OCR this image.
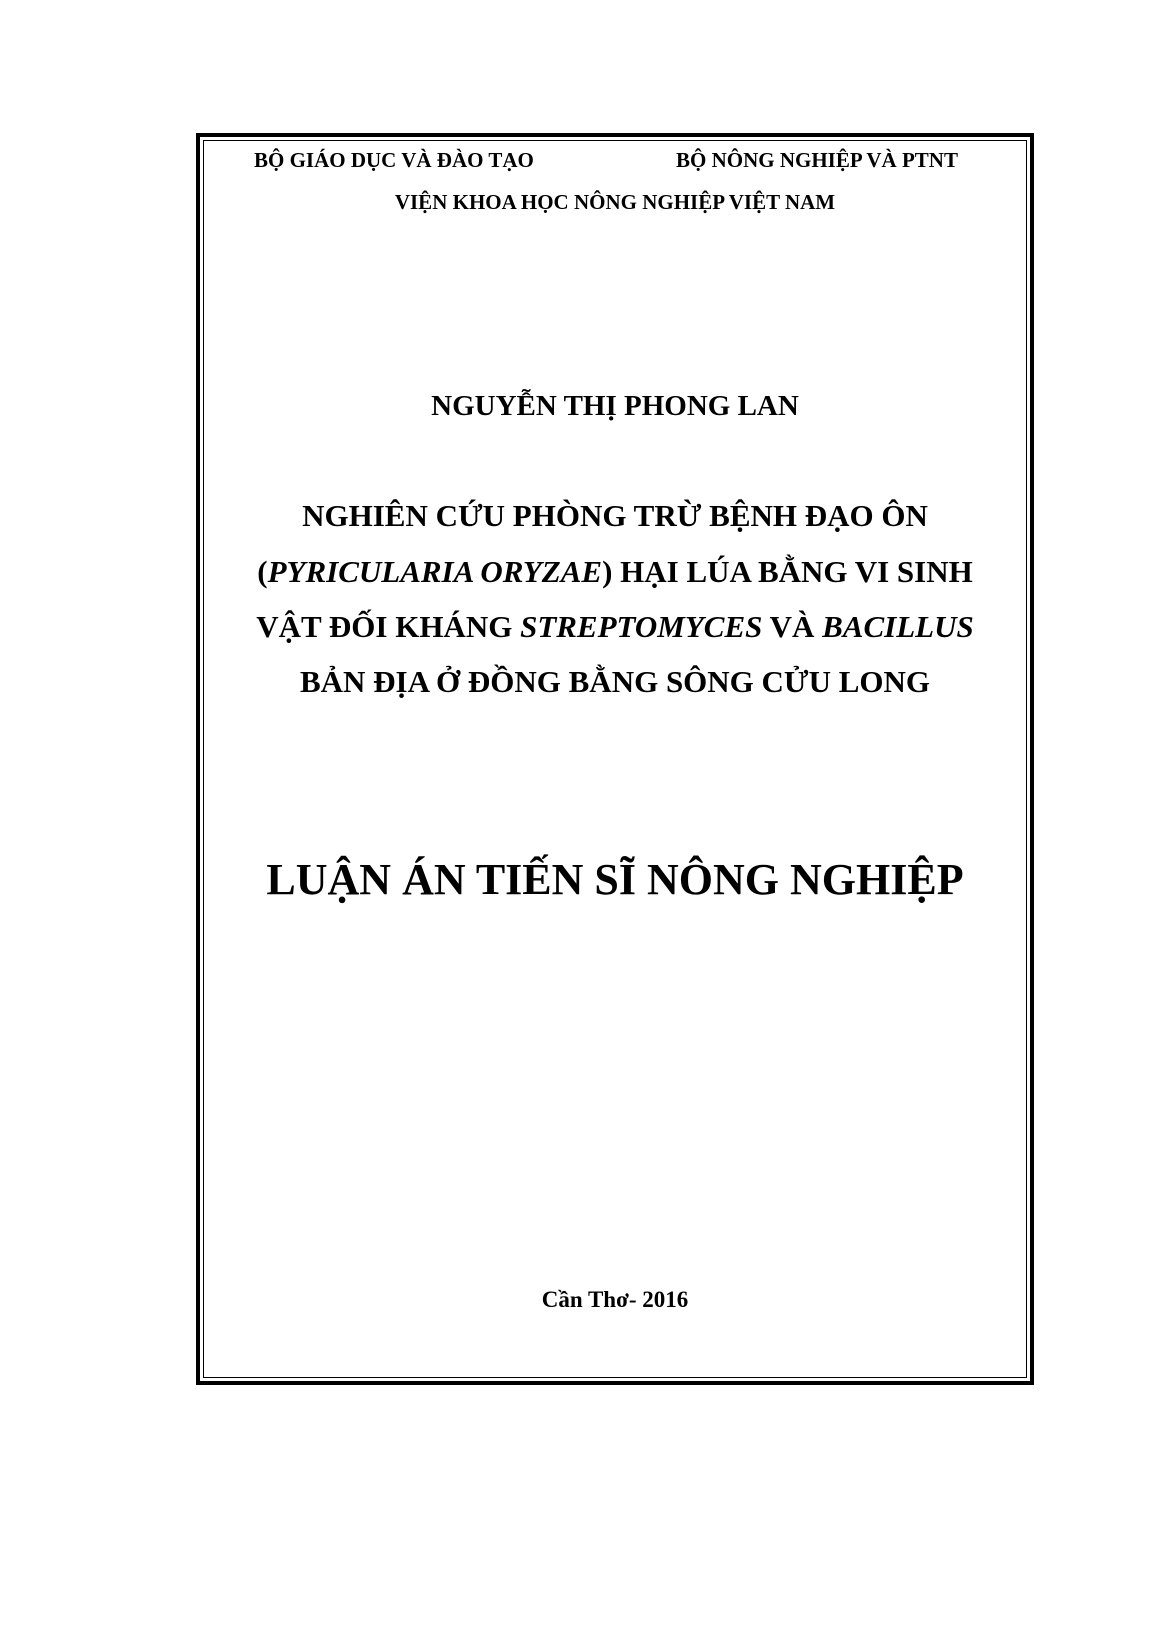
BỘ GIÁO DỤC VÀ ĐÀO TẠO	BỘ NÔNG NGHIỆP VÀ PTNT
VIỆN KHOA HỌC NÔNG NGHIỆP VIỆT NAM
NGUYỄN THỊ PHONG LAN
NGHIÊN CỨU PHÒNG TRỪ BỆNH ĐẠO ÔN
(PYRICULARIA ORYZAE) HẠI LÚA BẰNG VI SINH
VẬT ĐỐI KHÁNG STREPTOMYCES VÀ BACILLUS
BẢN ĐỊA Ở ĐỒNG BẰNG SÔNG CỬU LONG
LUẬN ÁN TIẾN SĨ NÔNG NGHIỆP
Cần Thơ- 2016
